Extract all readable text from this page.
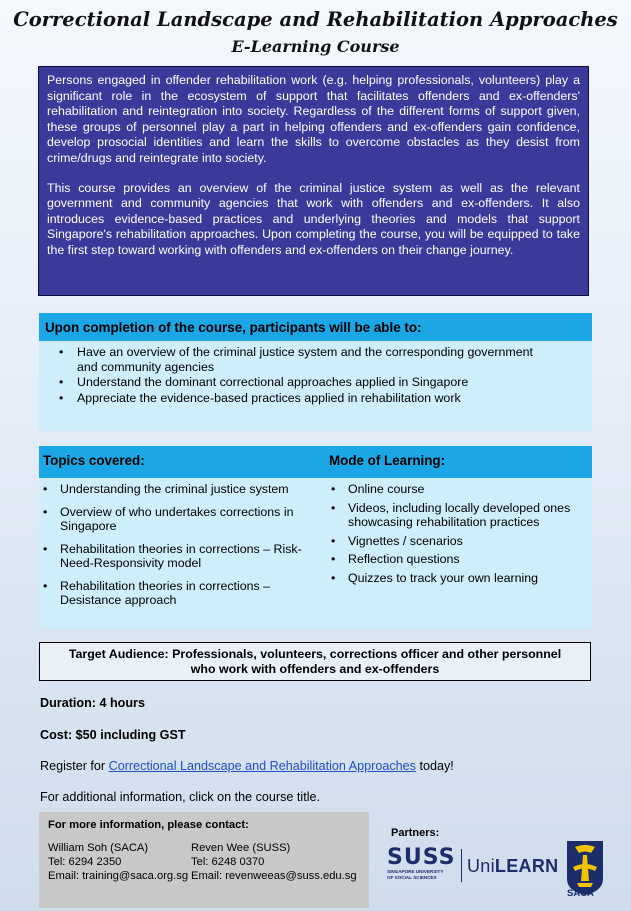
Correctional Landscape and Rehabilitation Approaches
E-Learning Course

Persons engaged in offender rehabilitation work (e.g. helping professionals, volunteers) play a significant role in the ecosystem of support that facilitates offenders and ex-offenders' rehabilitation and reintegration into society. Regardless of the different forms of support given, these groups of personnel play a part in helping offenders and ex-offenders gain confidence, develop prosocial identities and learn the skills to overcome obstacles as they desist from crime/drugs and reintegrate into society.

This course provides an overview of the criminal justice system as well as the relevant government and community agencies that work with offenders and ex-offenders. It also introduces evidence-based practices and underlying theories and models that support Singapore's rehabilitation approaches. Upon completing the course, you will be equipped to take the first step toward working with offenders and ex-offenders on their change journey.

Upon completion of the course, participants will be able to:
• Have an overview of the criminal justice system and the corresponding government and community agencies
• Understand the dominant correctional approaches applied in Singapore
• Appreciate the evidence-based practices applied in rehabilitation work
Topics covered:	Mode of Learning:
• Understanding the criminal justice system
• Overview of who undertakes corrections in Singapore
• Rehabilitation theories in corrections – Risk-Need-Responsivity model
• Rehabilitation theories in corrections – Desistance approach
• Online course
• Videos, including locally developed ones showcasing rehabilitation practices
• Vignettes / scenarios
• Reflection questions
• Quizzes to track your own learning
Target Audience: Professionals, volunteers, corrections officer and other personnel
who work with offenders and ex-offenders
Duration: 4 hours
Cost: $50 including GST
Register for Correctional Landscape and Rehabilitation Approaches today!
For additional information, click on the course title.
For more information, please contact:
William Soh (SACA)
Tel: 6294 2350
Email: training@saca.org.sg
Reven Wee (SUSS)
Tel: 6248 0370
Email: revenweeas@suss.edu.sg
Partners:
SUSS
SINGAPORE UNIVERSITY
OF SOCIAL SCIENCES
UniLEARN
SACA
